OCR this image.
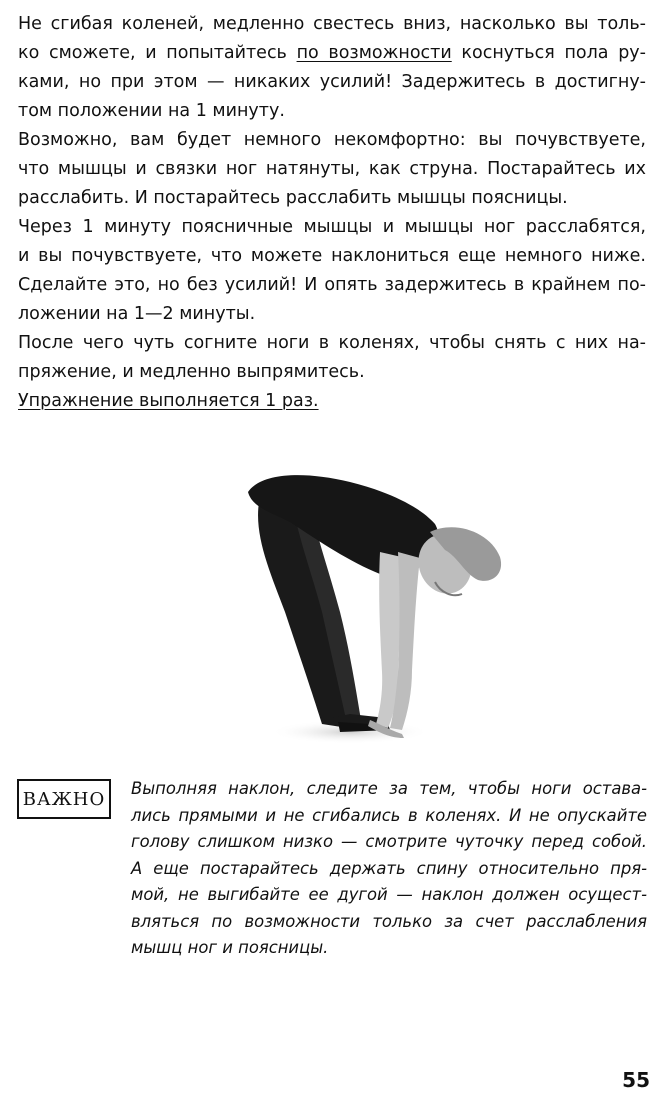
Не сгибая коленей, медленно свестесь вниз, насколько вы толь-
ко сможете, и попытайтесь по возможности коснуться пола ру-
ками, но при этом — никаких усилий! Задержитесь в достигну-
том положении на 1 минуту.
Возможно, вам будет немного некомфортно: вы почувствуете,
что мышцы и связки ног натянуты, как струна. Постарайтесь их
расслабить. И постарайтесь расслабить мышцы поясницы.
Через 1 минуту поясничные мышцы и мышцы ног расслабятся,
и вы почувствуете, что можете наклониться еще немного ниже.
Сделайте это, но без усилий! И опять задержитесь в крайнем по-
ложении на 1—2 минуты.
После чего чуть согните ноги в коленях, чтобы снять с них на-
пряжение, и медленно выпрямитесь.
Упражнение выполняется 1 раз.
ВАЖНО	Выполняя наклон, следите за тем, чтобы ноги остава-
лись прямыми и не сгибались в коленях. И не опускайте
голову слишком низко — смотрите чуточку перед собой.
А еще постарайтесь держать спину относительно пря-
мой, не выгибайте ее дугой — наклон должен осущест-
вляться по возможности только за счет расслабления
мышц ног и поясницы.
55
